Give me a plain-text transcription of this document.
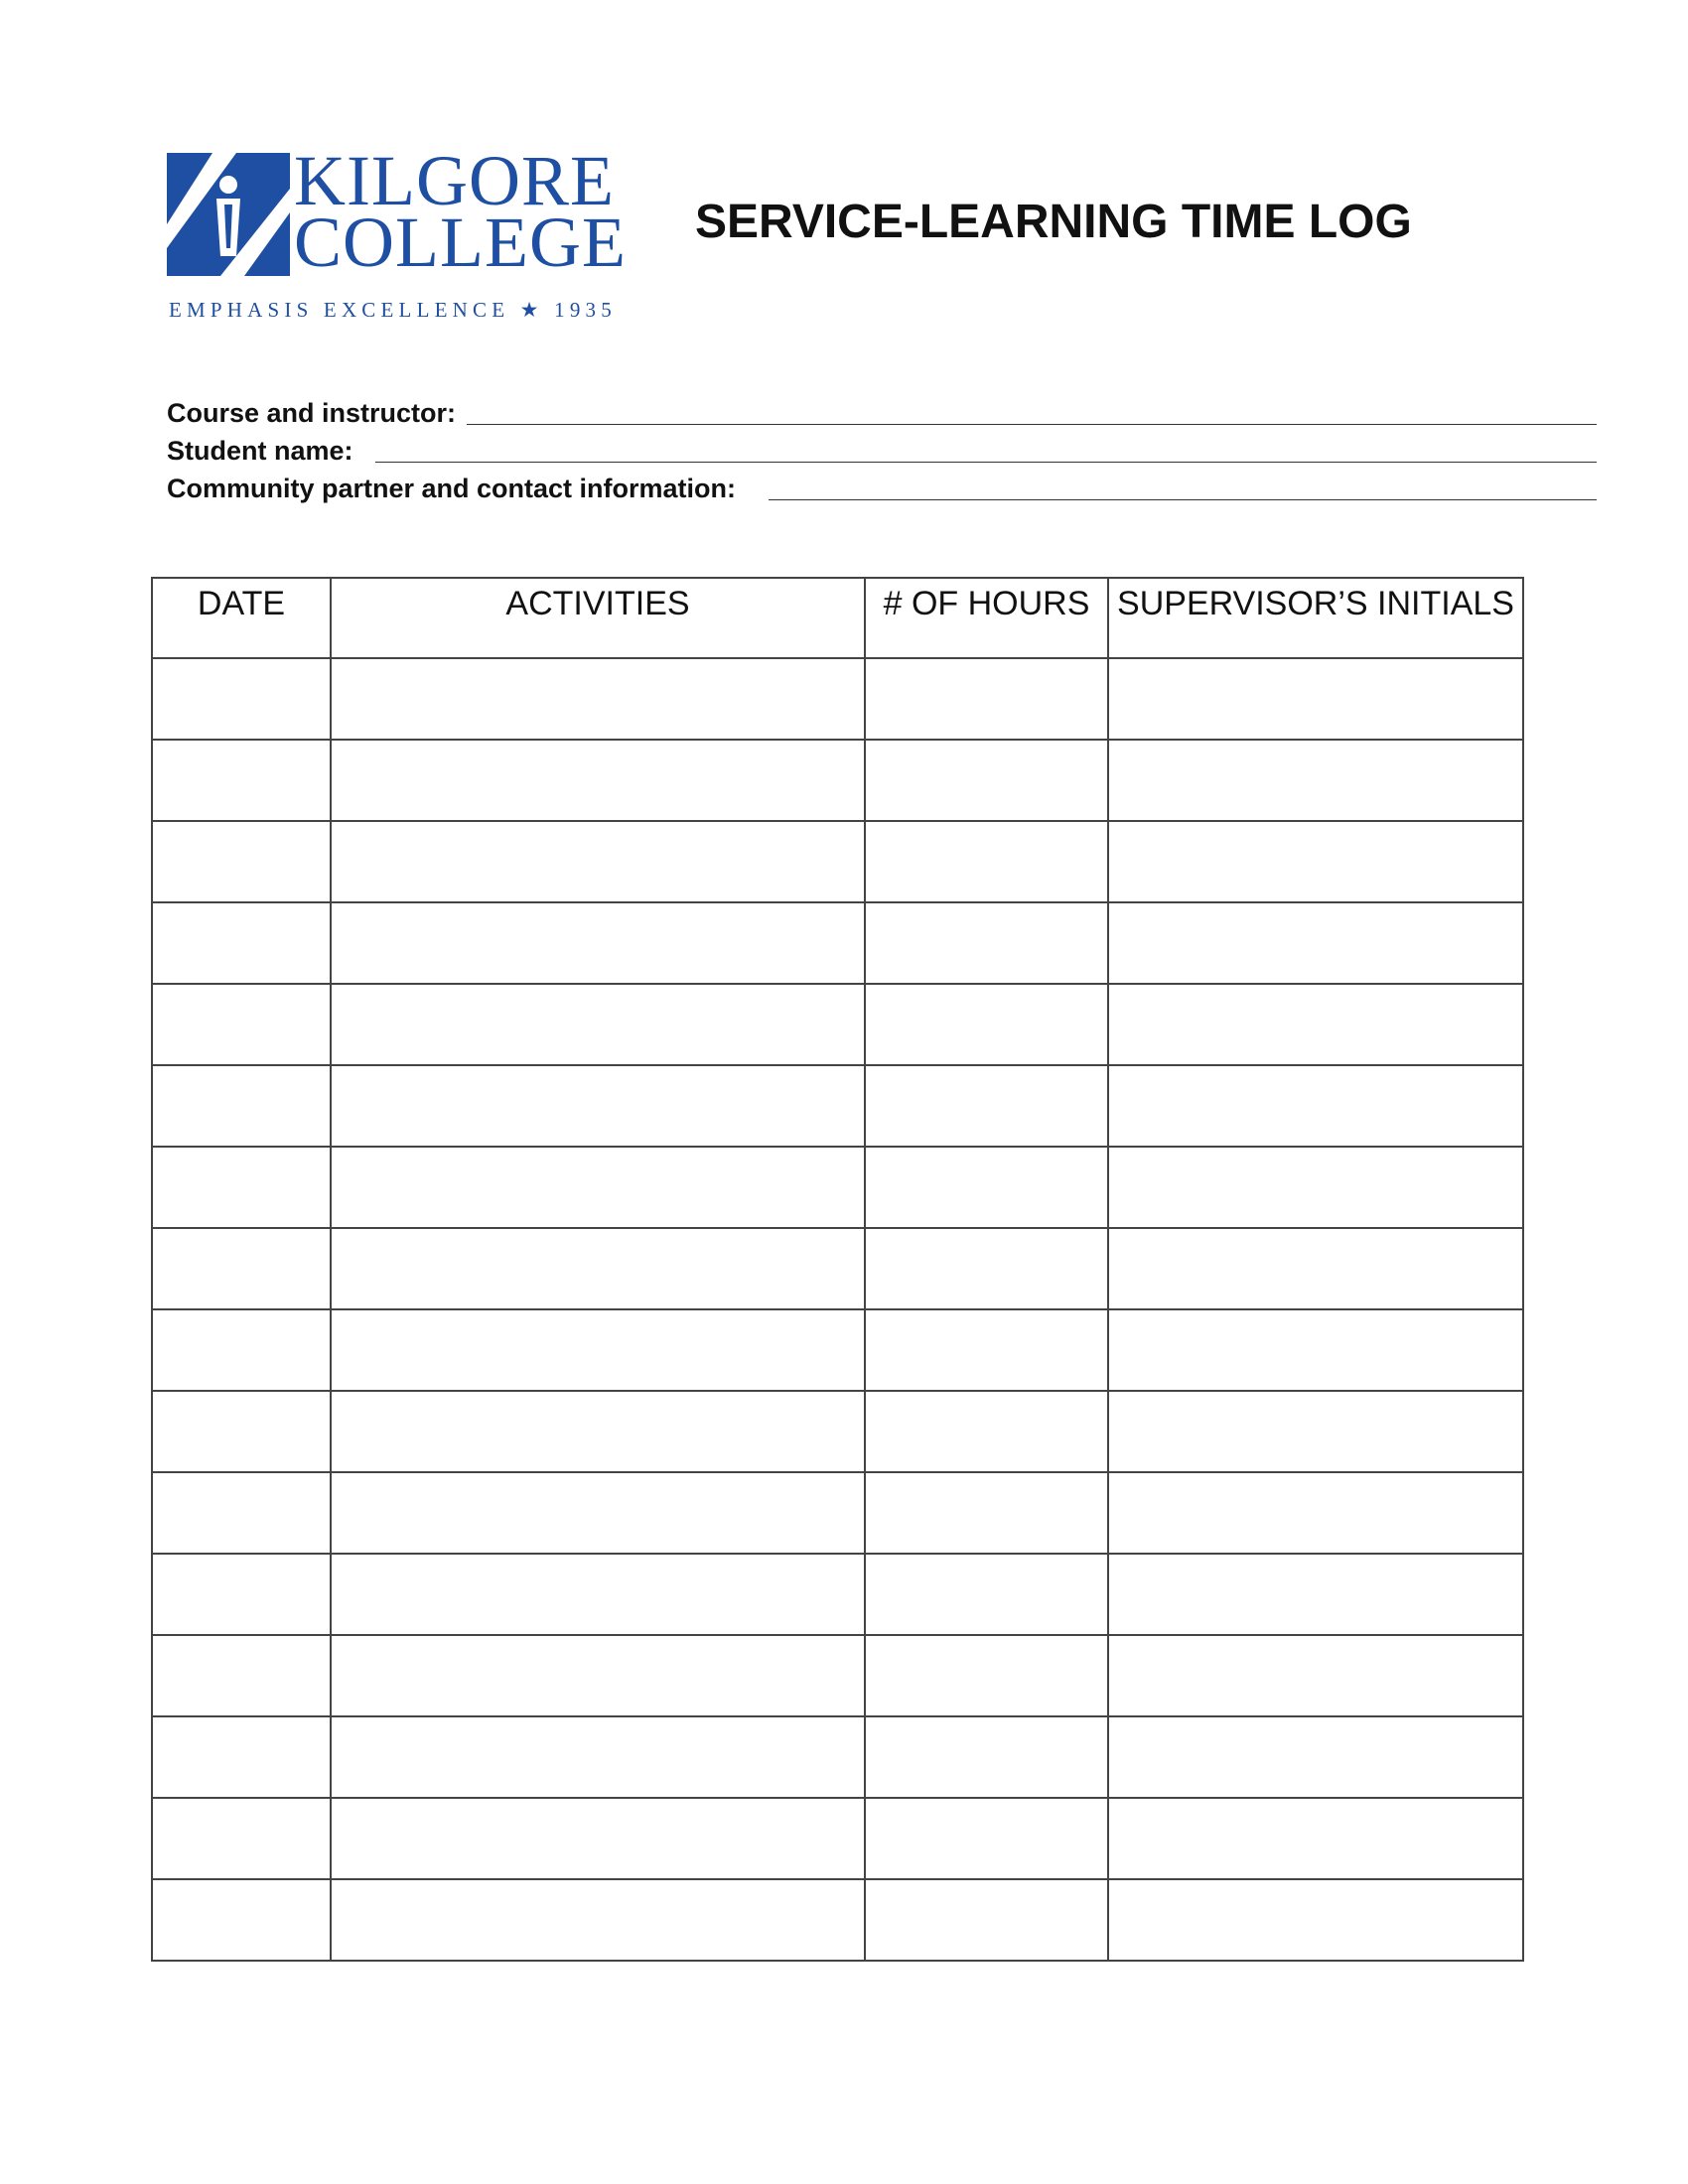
KILGORE
COLLEGE
EMPHASIS EXCELLENCE ★ 1935
SERVICE-LEARNING TIME LOG
Course and instructor:
Student name:
Community partner and contact information:
DATE	ACTIVITIES	# OF HOURS	SUPERVISOR’S INITIALS
